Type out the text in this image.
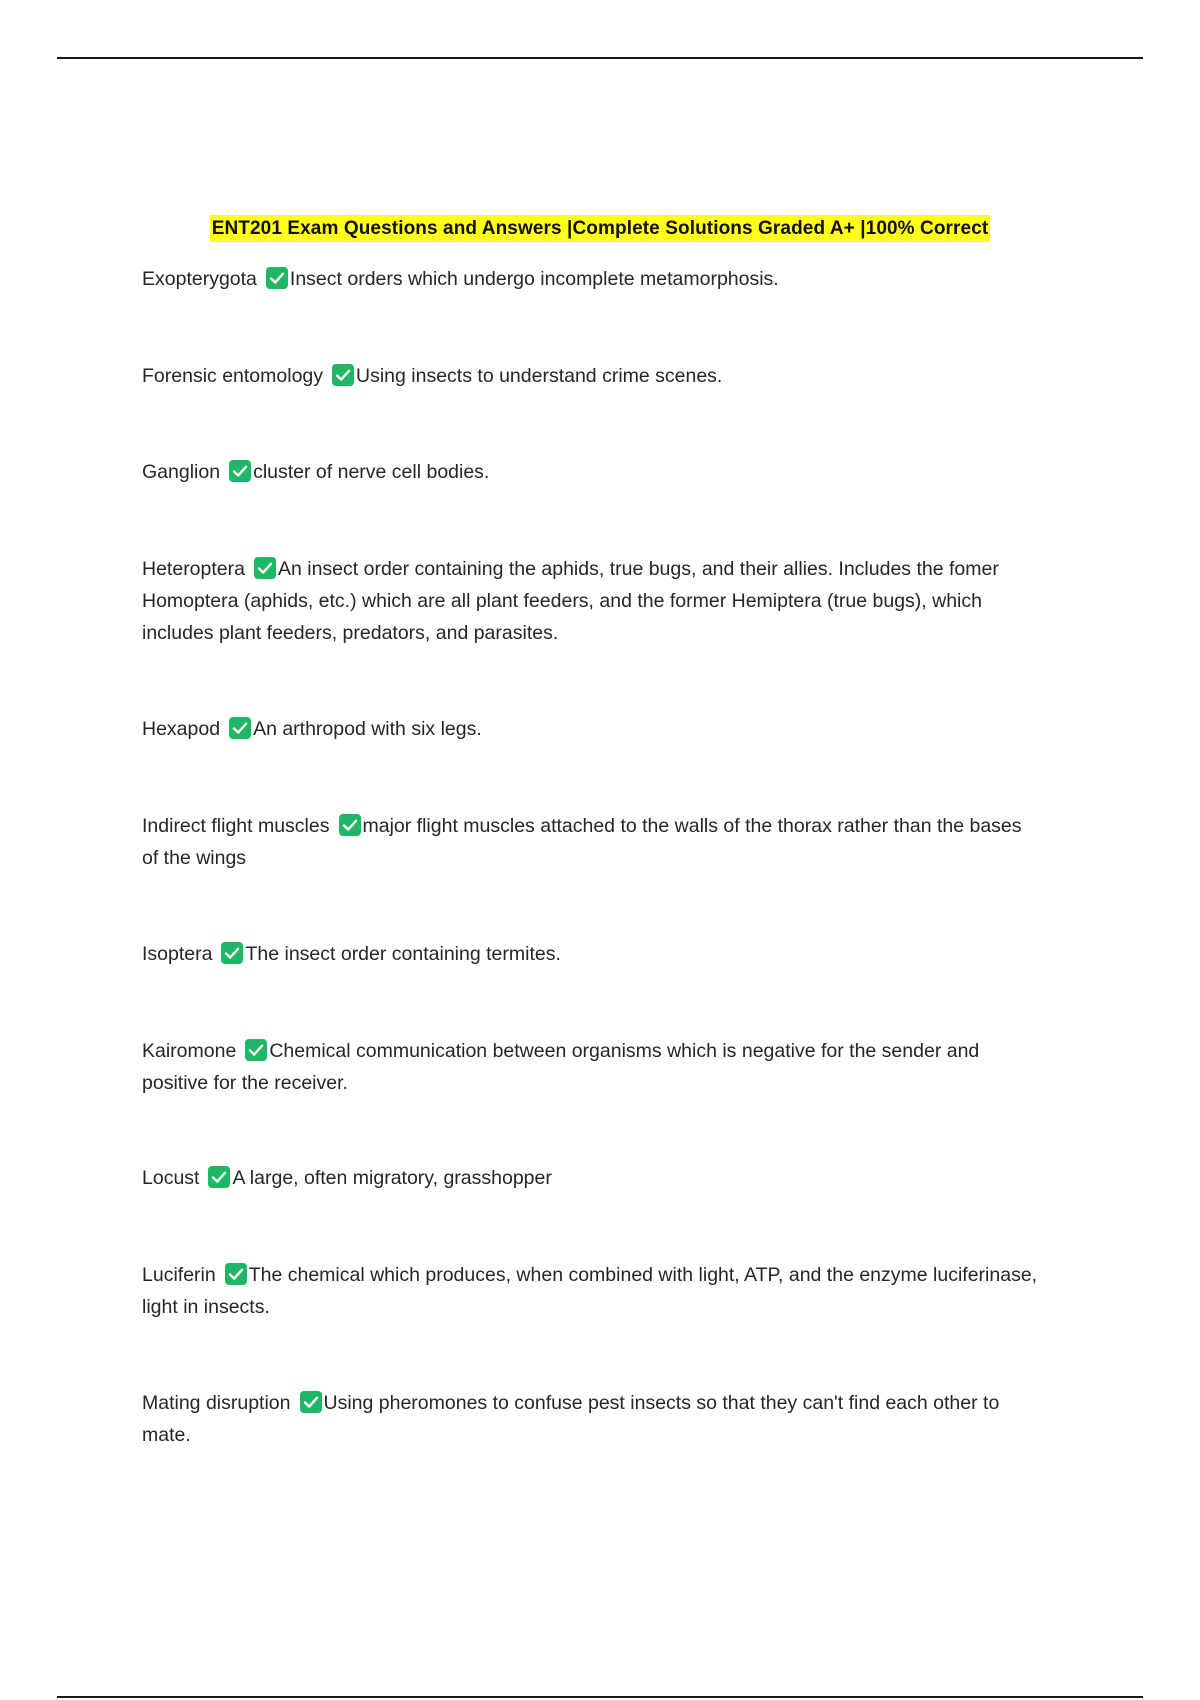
ENT201 Exam Questions and Answers |Complete Solutions Graded A+ |100% Correct
Exopterygota Insect orders which undergo incomplete metamorphosis.
Forensic entomology Using insects to understand crime scenes.
Ganglion cluster of nerve cell bodies.
Heteroptera An insect order containing the aphids, true bugs, and their allies. Includes the fomer Homoptera (aphids, etc.) which are all plant feeders, and the former Hemiptera (true bugs), which includes plant feeders, predators, and parasites.
Hexapod An arthropod with six legs.
Indirect flight muscles major flight muscles attached to the walls of the thorax rather than the bases of the wings
Isoptera The insect order containing termites.
Kairomone Chemical communication between organisms which is negative for the sender and positive for the receiver.
Locust A large, often migratory, grasshopper
Luciferin The chemical which produces, when combined with light, ATP, and the enzyme luciferinase, light in insects.
Mating disruption Using pheromones to confuse pest insects so that they can't find each other to mate.
